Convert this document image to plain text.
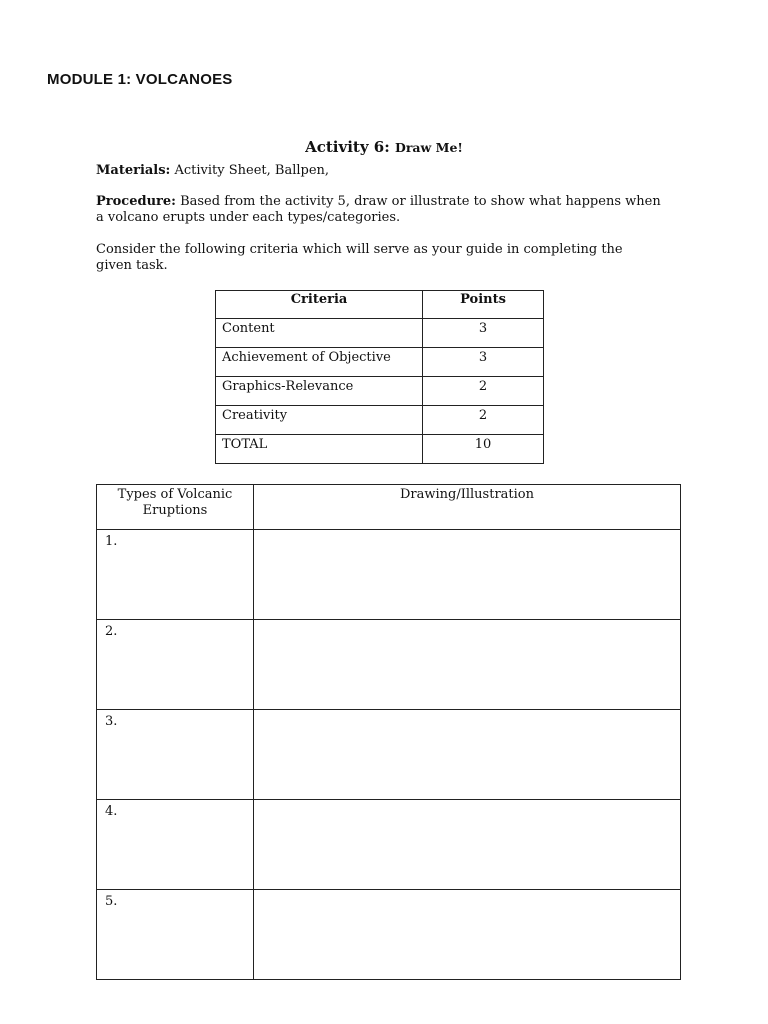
MODULE 1: VOLCANOES
Activity 6: Draw Me!
Materials: Activity Sheet, Ballpen,
Procedure: Based from the activity 5, draw or illustrate to show what happens when a volcano erupts under each types/categories.
Consider the following criteria which will serve as your guide in completing the given task.
Criteria	Points
Content	3
Achievement of Objective	3
Graphics-Relevance	2
Creativity	2
TOTAL	10
Types of Volcanic Eruptions	Drawing/Illustration
1.	
2.	
3.	
4.	
5.	
